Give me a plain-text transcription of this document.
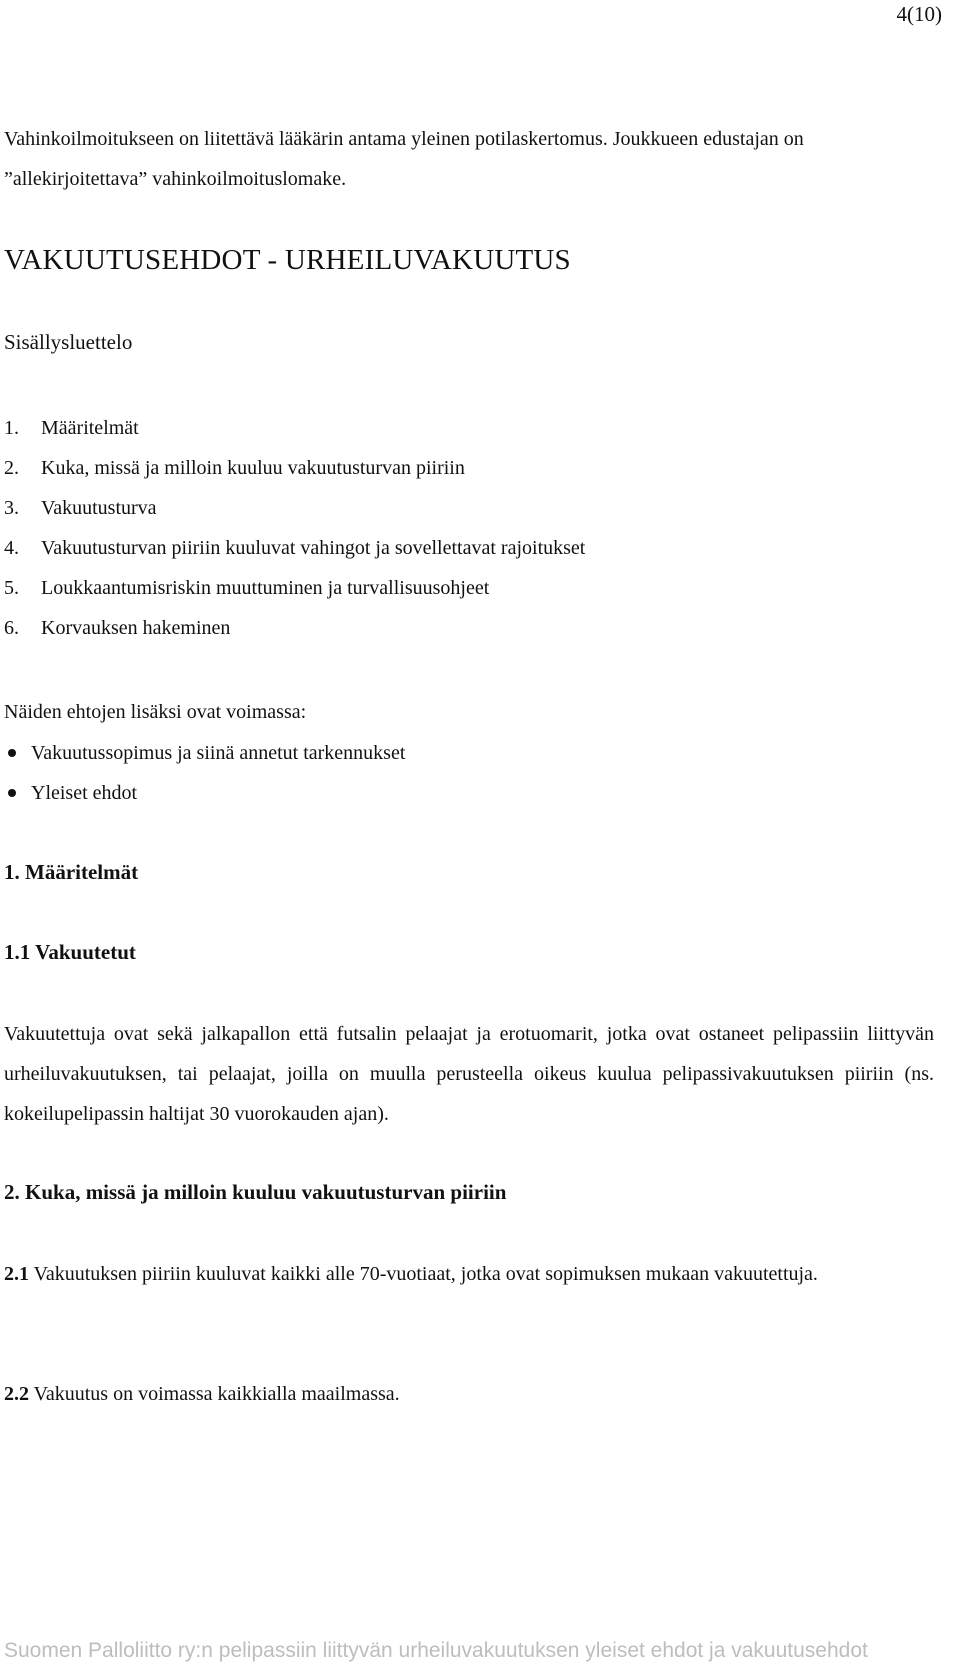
4(10)

Vahinkoilmoitukseen on liitettävä lääkärin antama yleinen potilaskertomus. Joukkueen edustajan on ”allekirjoitettava” vahinkoilmoituslomake.

VAKUUTUSEHDOT - URHEILUVAKUUTUS
Sisällysluettelo
1.	Määritelmät
2.	Kuka, missä ja milloin kuuluu vakuutusturvan piiriin
3.	Vakuutusturva
4.	Vakuutusturvan piiriin kuuluvat vahingot ja sovellettavat rajoitukset
5.	Loukkaantumisriskin muuttuminen ja turvallisuusohjeet
6.	Korvauksen hakeminen
Näiden ehtojen lisäksi ovat voimassa:
Vakuutussopimus ja siinä annetut tarkennukset
Yleiset ehdot
1. Määritelmät
1.1 Vakuutetut

Vakuutettuja ovat sekä jalkapallon että futsalin pelaajat ja erotuomarit, jotka ovat ostaneet pelipassiin liittyvän urheiluvakuutuksen, tai pelaajat, joilla on muulla perusteella oikeus kuulua pelipassivakuutuksen piiriin (ns. kokeilupelipassin haltijat 30 vuorokauden ajan).

2. Kuka, missä ja milloin kuuluu vakuutusturvan piiriin

2.1 Vakuutuksen piiriin kuuluvat kaikki alle 70-vuotiaat, jotka ovat sopimuksen mukaan vakuutettuja.

2.2 Vakuutus on voimassa kaikkialla maailmassa.

Suomen Palloliitto ry:n pelipassiin liittyvän urheiluvakuutuksen yleiset ehdot ja vakuutusehdot
